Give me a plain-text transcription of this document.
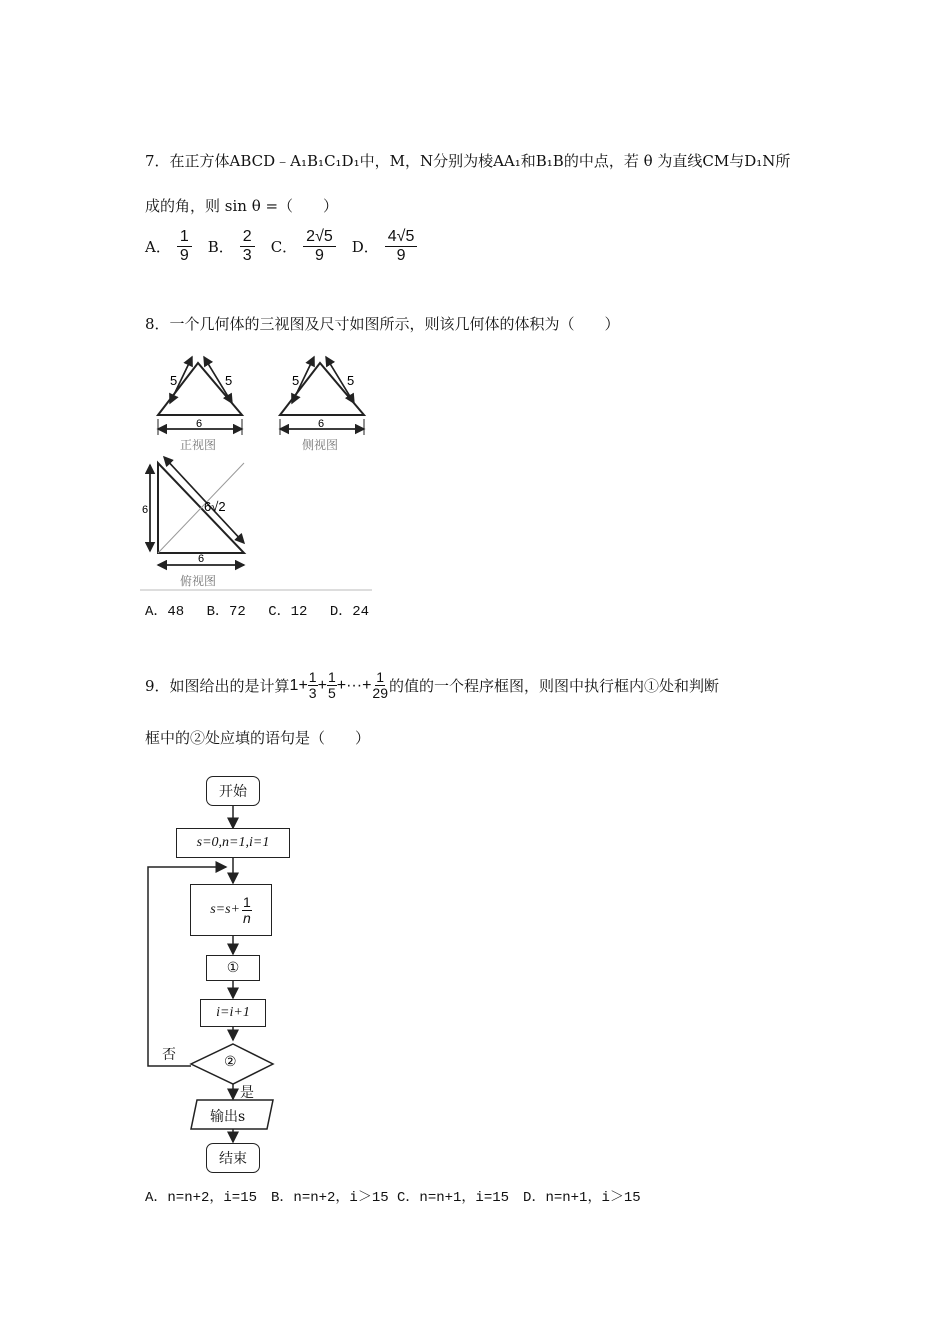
7．在正方体ABCD﹣A₁B₁C₁D₁中，M，N分别为棱AA₁和B₁B的中点，若 θ 为直线CM与D₁N所
成的角，则 sin θ =（　　）
A． $\frac{1}{9}$ B． $\frac{2}{3}$ C． $\frac{2√5}{9}$ D． $\frac{4√5}{9}$
8．一个几何体的三视图及尺寸如图所示，则该几何体的体积为（　　）
5	5
6
正视图
5	5
6
侧视图
6	6√2
6
俯视图
A．48　 B．72　 C．12　 D．24
9．如图给出的是计算 $1+ \frac{1}{3} + \frac{1}{5}$ +···+ $\frac{1}{29}$ 的值的一个程序框图，则图中执行框内①处和判断
框中的②处应填的语句是（　　）
开始
s=0,n=1,i=1
$s=s+ \frac{1}{n}$
①
i=i+1
②
否
是
输出s
结束
A．n=n+2，i=15　B．n=n+2，i＞15 C．n=n+1，i=15　D．n=n+1，i＞15
